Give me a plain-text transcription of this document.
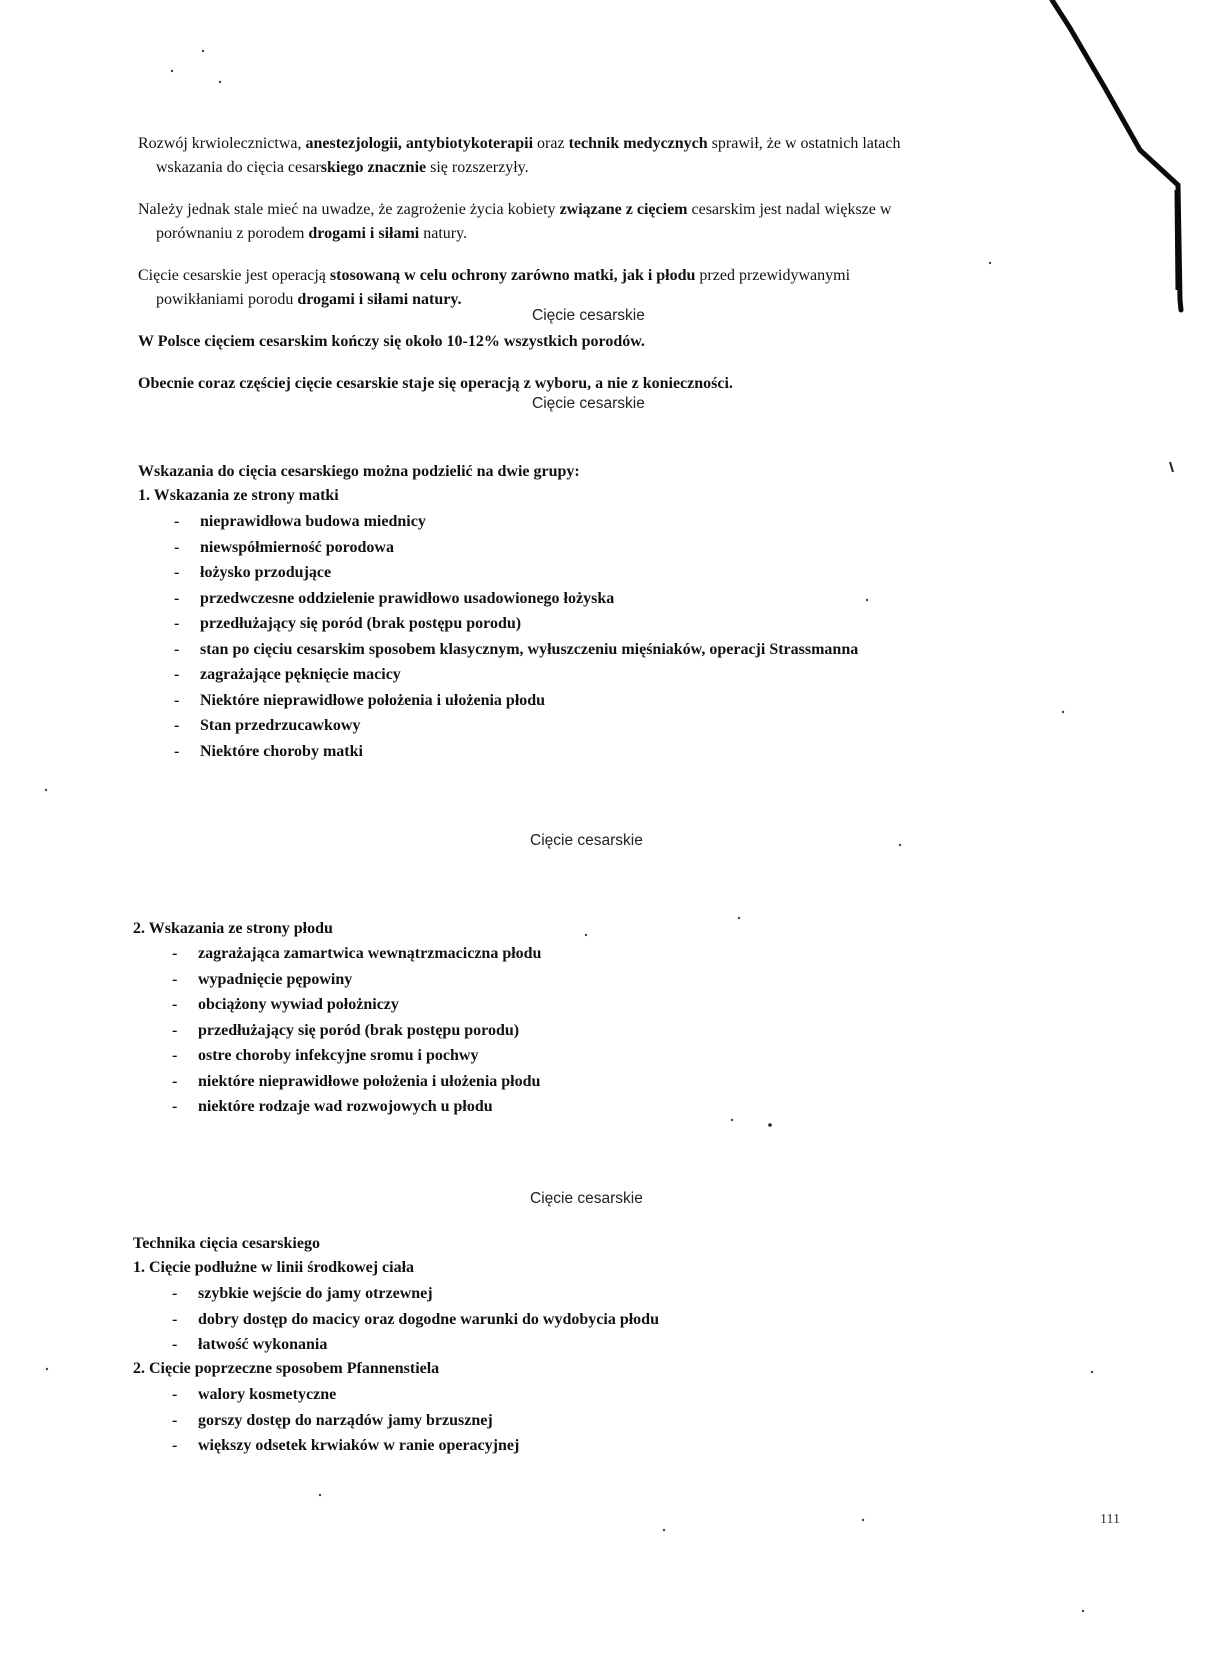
Rozwój krwiolecznictwa, anestezjologii, antybiotykoterapii oraz technik medycznych sprawił, że w ostatnich latach
wskazania do cięcia cesarskiego znacznie się rozszerzyły.
Należy jednak stale mieć na uwadze, że zagrożenie życia kobiety związane z cięciem cesarskim jest nadal większe w
porównaniu z porodem drogami i siłami natury.
Cięcie cesarskie jest operacją stosowaną w celu ochrony zarówno matki, jak i płodu przed przewidywanymi
powikłaniami porodu drogami i siłami natury.
Cięcie cesarskie
W Polsce cięciem cesarskim kończy się około 10-12% wszystkich porodów.
Obecnie coraz częściej cięcie cesarskie staje się operacją z wyboru, a nie z konieczności.
Cięcie cesarskie
Wskazania do cięcia cesarskiego można podzielić na dwie grupy:
1. Wskazania ze strony matki
- nieprawidłowa budowa miednicy
- niewspółmierność porodowa
- łożysko przodujące
- przedwczesne oddzielenie prawidłowo usadowionego łożyska
- przedłużający się poród (brak postępu porodu)
- stan po cięciu cesarskim sposobem klasycznym, wyłuszczeniu mięśniaków, operacji Strassmanna
- zagrażające pęknięcie macicy
- Niektóre nieprawidłowe położenia i ułożenia płodu
- Stan przedrzucawkowy
- Niektóre choroby matki
Cięcie cesarskie
2. Wskazania ze strony płodu
- zagrażająca zamartwica wewnątrzmaciczna płodu
- wypadnięcie pępowiny
- obciążony wywiad położniczy
- przedłużający się poród (brak postępu porodu)
- ostre choroby infekcyjne sromu i pochwy
- niektóre nieprawidłowe położenia i ułożenia płodu
- niektóre rodzaje wad rozwojowych u płodu
Cięcie cesarskie
Technika cięcia cesarskiego
1. Cięcie podłużne w linii środkowej ciała
- szybkie wejście do jamy otrzewnej
- dobry dostęp do macicy oraz dogodne warunki do wydobycia płodu
- łatwość wykonania
2. Cięcie poprzeczne sposobem Pfannenstiela
- walory kosmetyczne
- gorszy dostęp do narządów jamy brzusznej
- większy odsetek krwiaków w ranie operacyjnej
111
